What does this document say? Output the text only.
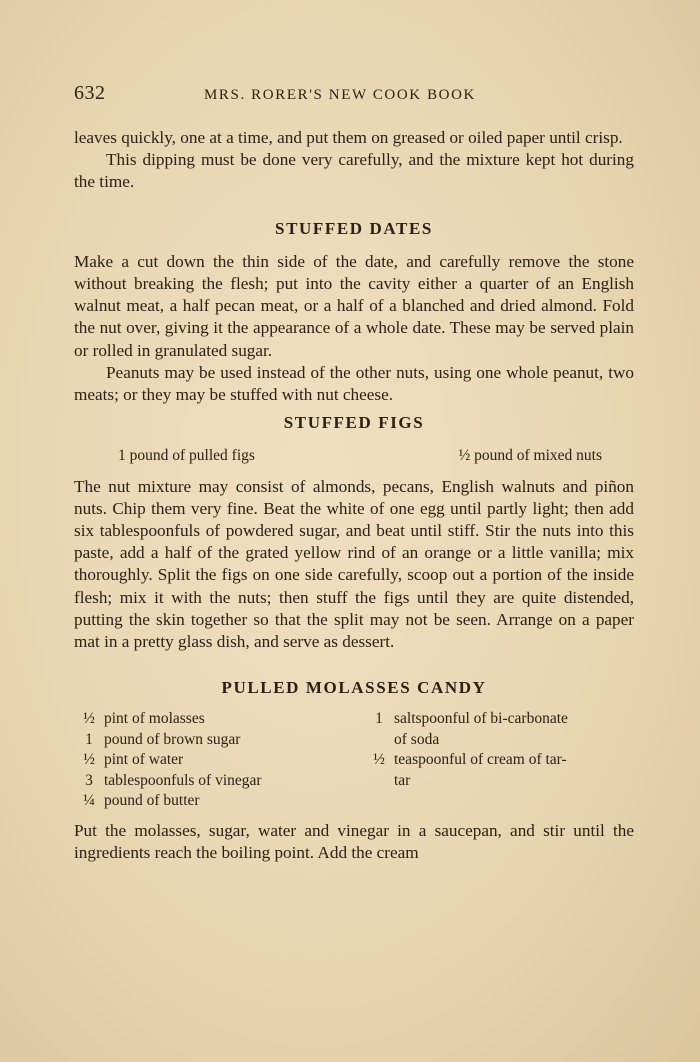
632	MRS. RORER'S NEW COOK BOOK

leaves quickly, one at a time, and put them on greased or oiled paper until crisp.

This dipping must be done very carefully, and the mixture kept hot during the time.

STUFFED DATES

Make a cut down the thin side of the date, and carefully remove the stone without breaking the flesh; put into the cavity either a quarter of an English walnut meat, a half pecan meat, or a half of a blanched and dried almond. Fold the nut over, giving it the appearance of a whole date. These may be served plain or rolled in granulated sugar.

Peanuts may be used instead of the other nuts, using one whole peanut, two meats; or they may be stuffed with nut cheese.

STUFFED FIGS
1 pound of pulled figs	½ pound of mixed nuts

The nut mixture may consist of almonds, pecans, English walnuts and piñon nuts. Chip them very fine. Beat the white of one egg until partly light; then add six tablespoonfuls of powdered sugar, and beat until stiff. Stir the nuts into this paste, add a half of the grated yellow rind of an orange or a little vanilla; mix thoroughly. Split the figs on one side carefully, scoop out a portion of the inside flesh; mix it with the nuts; then stuff the figs until they are quite distended, putting the skin together so that the split may not be seen. Arrange on a paper mat in a pretty glass dish, and serve as dessert.

PULLED MOLASSES CANDY
½ pint of molasses
1 pound of brown sugar
½ pint of water
3 tablespoonfuls of vinegar
¼ pound of butter
1 saltspoonful of bi-carbonate
of soda
½ teaspoonful of cream of tar-
tar

Put the molasses, sugar, water and vinegar in a saucepan, and stir until the ingredients reach the boiling point. Add the cream
